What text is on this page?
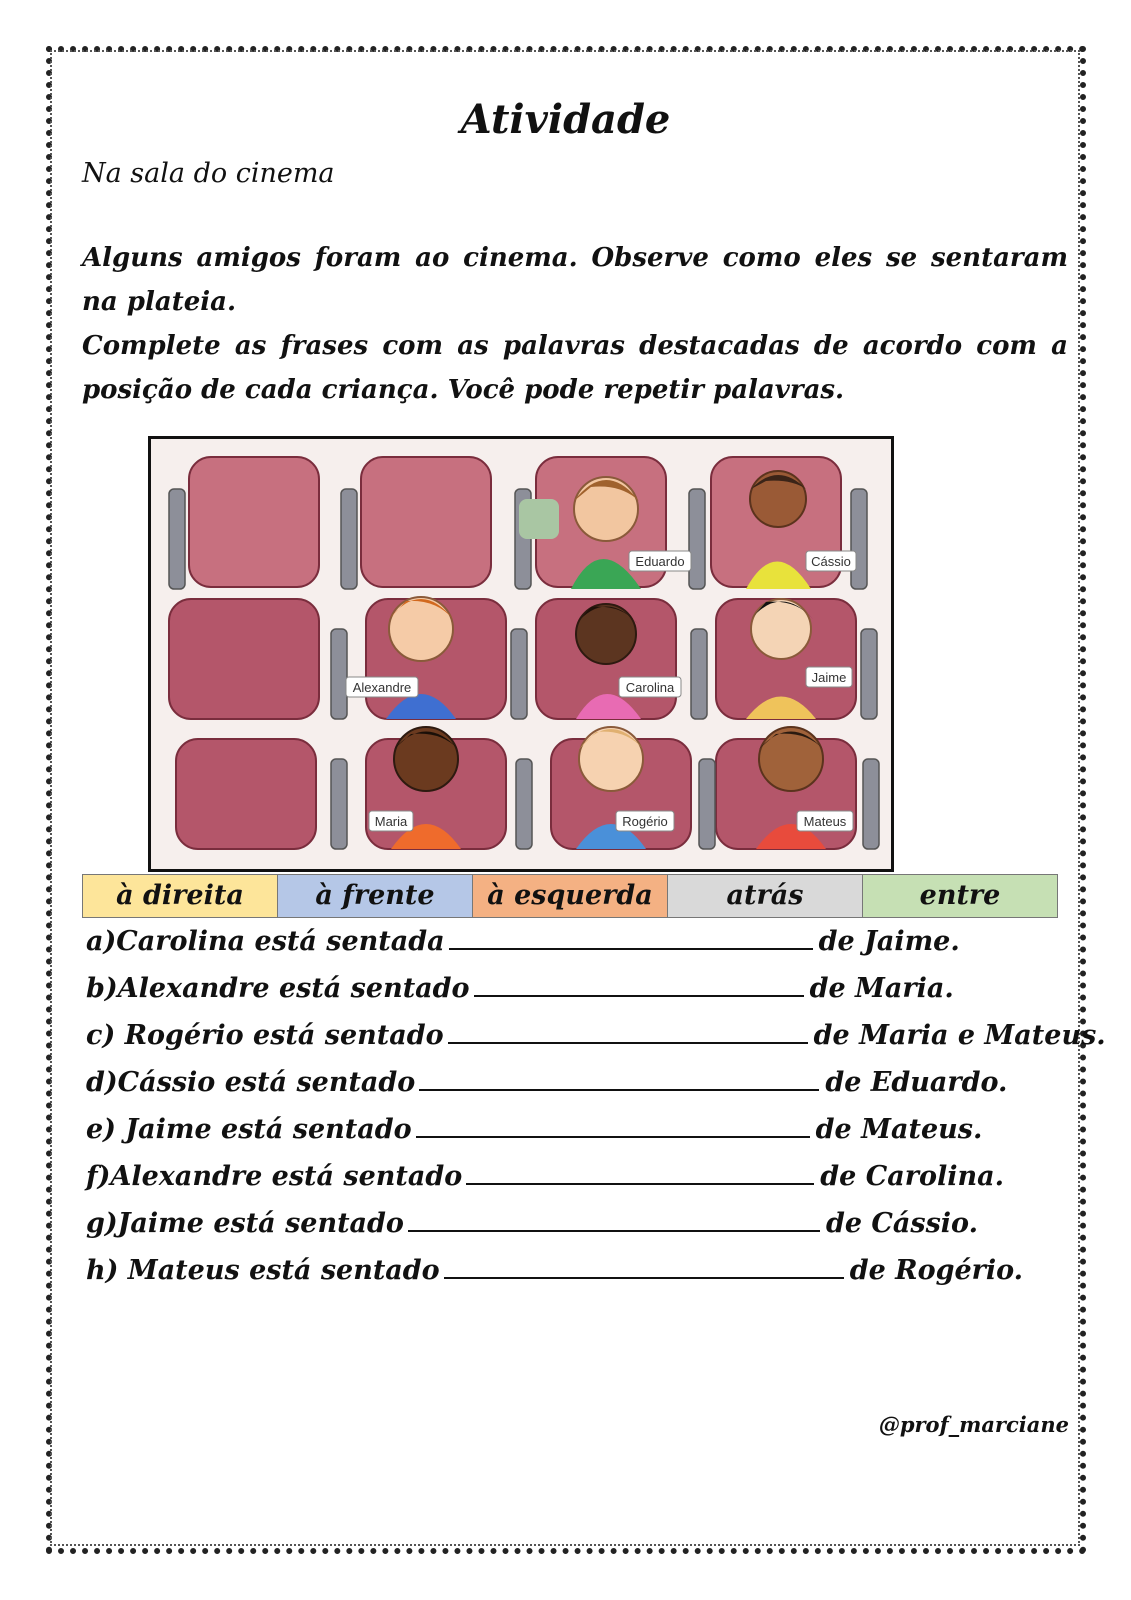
Atividade
Na sala do cinema

Alguns amigos foram ao cinema. Observe como eles se sentaram na plateia.

Complete as frases com as palavras destacadas de acordo com a posição de cada criança. Você pode repetir palavras.

Eduardo	Cássio
Alexandre	Carolina
Jaime
Maria	Rogério	Mateus
à direita	à frente	à esquerda	atrás	entre
a)Carolina está sentada	de Jaime.
b)Alexandre está sentado	de Maria.
c) Rogério está sentado	de Maria e Mateus.
d)Cássio está sentado	de Eduardo.
e) Jaime está sentado	de Mateus.
f)Alexandre está sentado	de Carolina.
g)Jaime está sentado	de Cássio.
h) Mateus está sentado	de Rogério.
@prof_marciane
